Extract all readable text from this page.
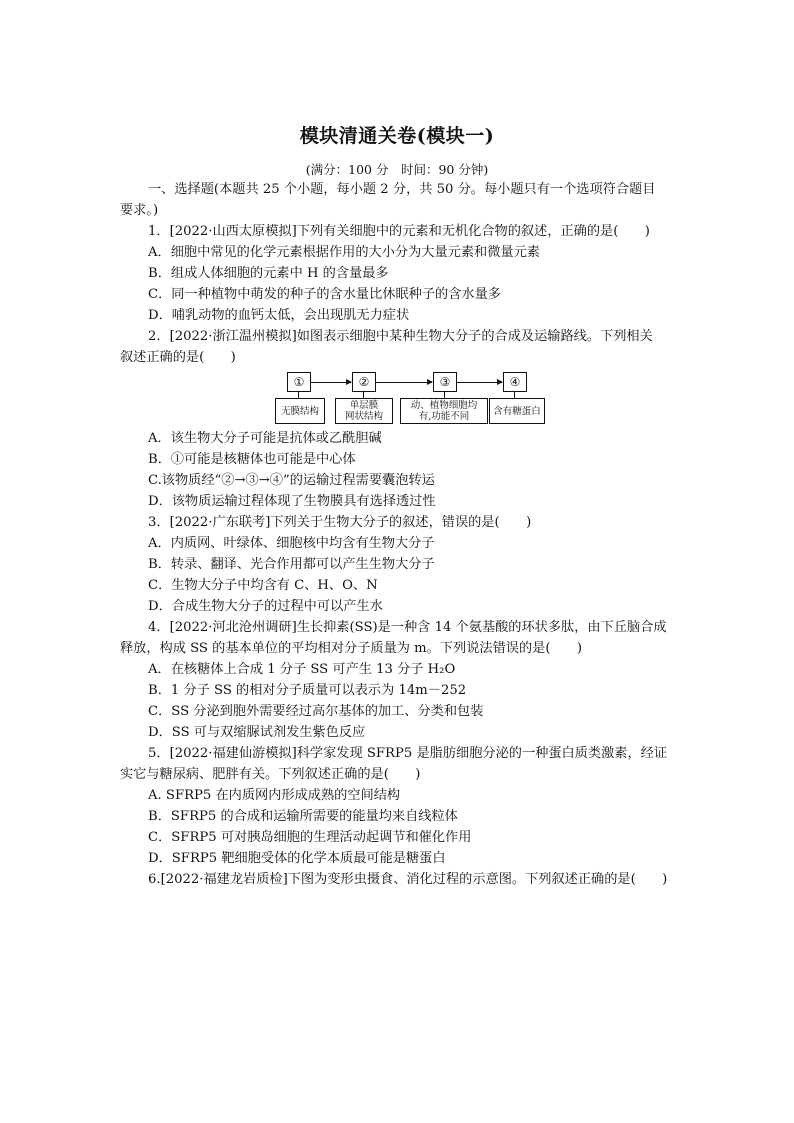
模块清通关卷(模块一)
(满分：100 分　时间：90 分钟)
一、选择题(本题共 25 个小题，每小题 2 分，共 50 分。每小题只有一个选项符合题目
要求。)
1．[2022·山西太原模拟]下列有关细胞中的元素和无机化合物的叙述，正确的是(　　)
A．细胞中常见的化学元素根据作用的大小分为大量元素和微量元素
B．组成人体细胞的元素中 H 的含量最多
C．同一种植物中萌发的种子的含水量比休眠种子的含水量多
D．哺乳动物的血钙太低，会出现肌无力症状
2．[2022·浙江温州模拟]如图表示细胞中某种生物大分子的合成及运输路线。下列相关
叙述正确的是(　　)
①	②	③	④
无膜结构	单层膜
网状结构
动、植物细胞均
有,功能不同	含有糖蛋白
A．该生物大分子可能是抗体或乙酰胆碱
B．①可能是核糖体也可能是中心体
C.该物质经“②→③→④”的运输过程需要囊泡转运
D．该物质运输过程体现了生物膜具有选择透过性
3．[2022·广东联考]下列关于生物大分子的叙述，错误的是(　　)
A．内质网、叶绿体、细胞核中均含有生物大分子
B．转录、翻译、光合作用都可以产生生物大分子
C．生物大分子中均含有 C、H、O、N
D．合成生物大分子的过程中可以产生水
4．[2022·河北沧州调研]生长抑素(SS)是一种含 14 个氨基酸的环状多肽，由下丘脑合成
释放，构成 SS 的基本单位的平均相对分子质量为 m。下列说法错误的是(　　)
A．在核糖体上合成 1 分子 SS 可产生 13 分子 H₂O
B．1 分子 SS 的相对分子质量可以表示为 14m－252
C．SS 分泌到胞外需要经过高尔基体的加工、分类和包装
D．SS 可与双缩脲试剂发生紫色反应
5．[2022·福建仙游模拟]科学家发现 SFRP5 是脂肪细胞分泌的一种蛋白质类激素，经证
实它与糖尿病、肥胖有关。下列叙述正确的是(　　)
A. SFRP5 在内质网内形成成熟的空间结构
B．SFRP5 的合成和运输所需要的能量均来自线粒体
C．SFRP5 可对胰岛细胞的生理活动起调节和催化作用
D．SFRP5 靶细胞受体的化学本质最可能是糖蛋白
6.[2022·福建龙岩质检]下图为变形虫摄食、消化过程的示意图。下列叙述正确的是(　　)
